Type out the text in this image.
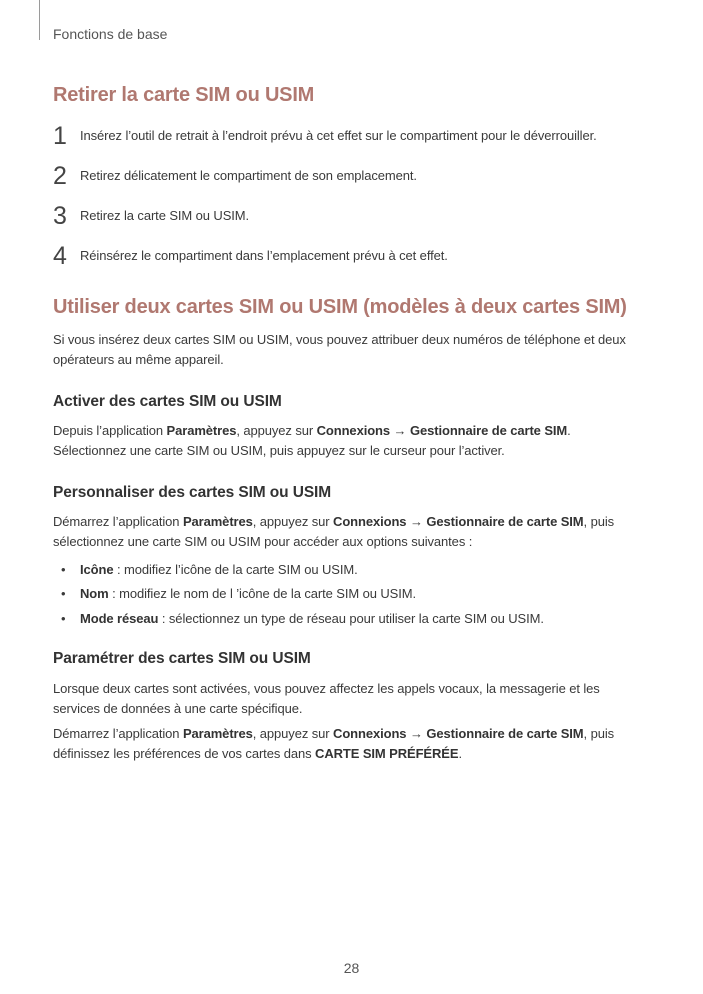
Fonctions de base
Retirer la carte SIM ou USIM
1 Insérez l’outil de retrait à l’endroit prévu à cet effet sur le compartiment pour le déverrouiller.
2 Retirez délicatement le compartiment de son emplacement.
3 Retirez la carte SIM ou USIM.
4 Réinsérez le compartiment dans l’emplacement prévu à cet effet.
Utiliser deux cartes SIM ou USIM (modèles à deux cartes SIM)
Si vous insérez deux cartes SIM ou USIM, vous pouvez attribuer deux numéros de téléphone et deux
opérateurs au même appareil.
Activer des cartes SIM ou USIM
Depuis l’application Paramètres, appuyez sur Connexions → Gestionnaire de carte SIM.
Sélectionnez une carte SIM ou USIM, puis appuyez sur le curseur pour l’activer.
Personnaliser des cartes SIM ou USIM
Démarrez l’application Paramètres, appuyez sur Connexions → Gestionnaire de carte SIM, puis
sélectionnez une carte SIM ou USIM pour accéder aux options suivantes :
• Icône : modifiez l’icône de la carte SIM ou USIM.
• Nom : modifiez le nom de l ’icône de la carte SIM ou USIM.
• Mode réseau : sélectionnez un type de réseau pour utiliser la carte SIM ou USIM.
Paramétrer des cartes SIM ou USIM
Lorsque deux cartes sont activées, vous pouvez affectez les appels vocaux, la messagerie et les
services de données à une carte spécifique.
Démarrez l’application Paramètres, appuyez sur Connexions → Gestionnaire de carte SIM, puis
définissez les préférences de vos cartes dans CARTE SIM PRÉFÉRÉE.
28
